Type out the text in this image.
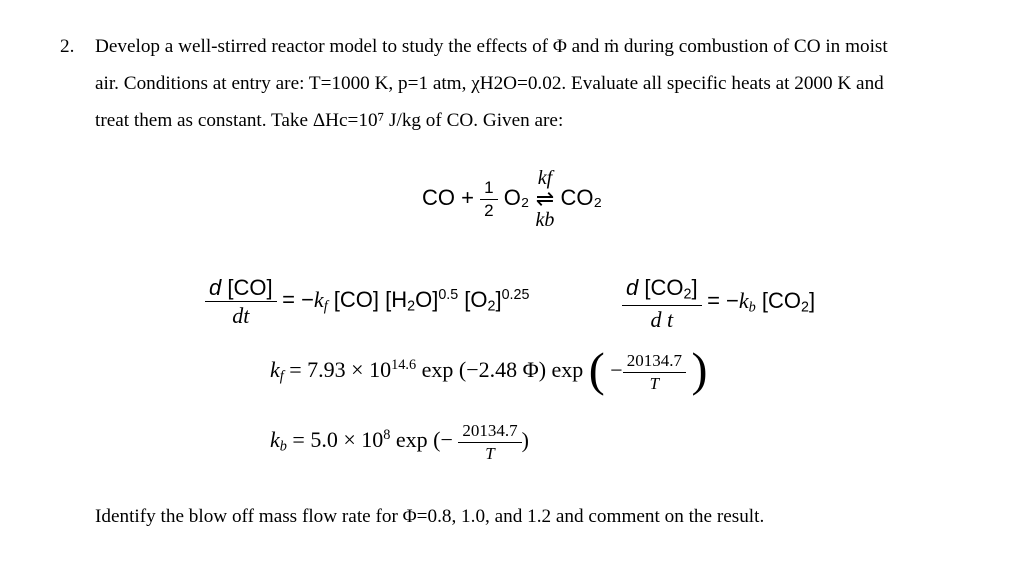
2. Develop a well-stirred reactor model to study the effects of Φ and ṁ during combustion of CO in moist
air. Conditions at entry are: T=1000 K, p=1 atm, χH2O=0.02. Evaluate all specific heats at 2000 K and
treat them as constant. Take ΔHc=10⁷ J/kg of CO. Given are:
CO + $\frac{1}{2} O_2$
kf
⇌
kb
CO₂
$\frac{d [CO]}{dt} = -k_f$ [CO] $[H_2O]^{0.5}$ $[O_2]^{0.25}$	$\frac{d [CO_2]}{\text{d t}} = -k_b$ $[CO_2]$
$k_f = 7.93 \times 10^{14.6}$ exp (−2.48 Φ) exp ( − $\frac{20134.7}{T}$ )
$k_b = 5.0 \times 10^8$ exp (− $\frac{20134.7}{T}$ )
Identify the blow off mass flow rate for Φ=0.8, 1.0, and 1.2 and comment on the result.
